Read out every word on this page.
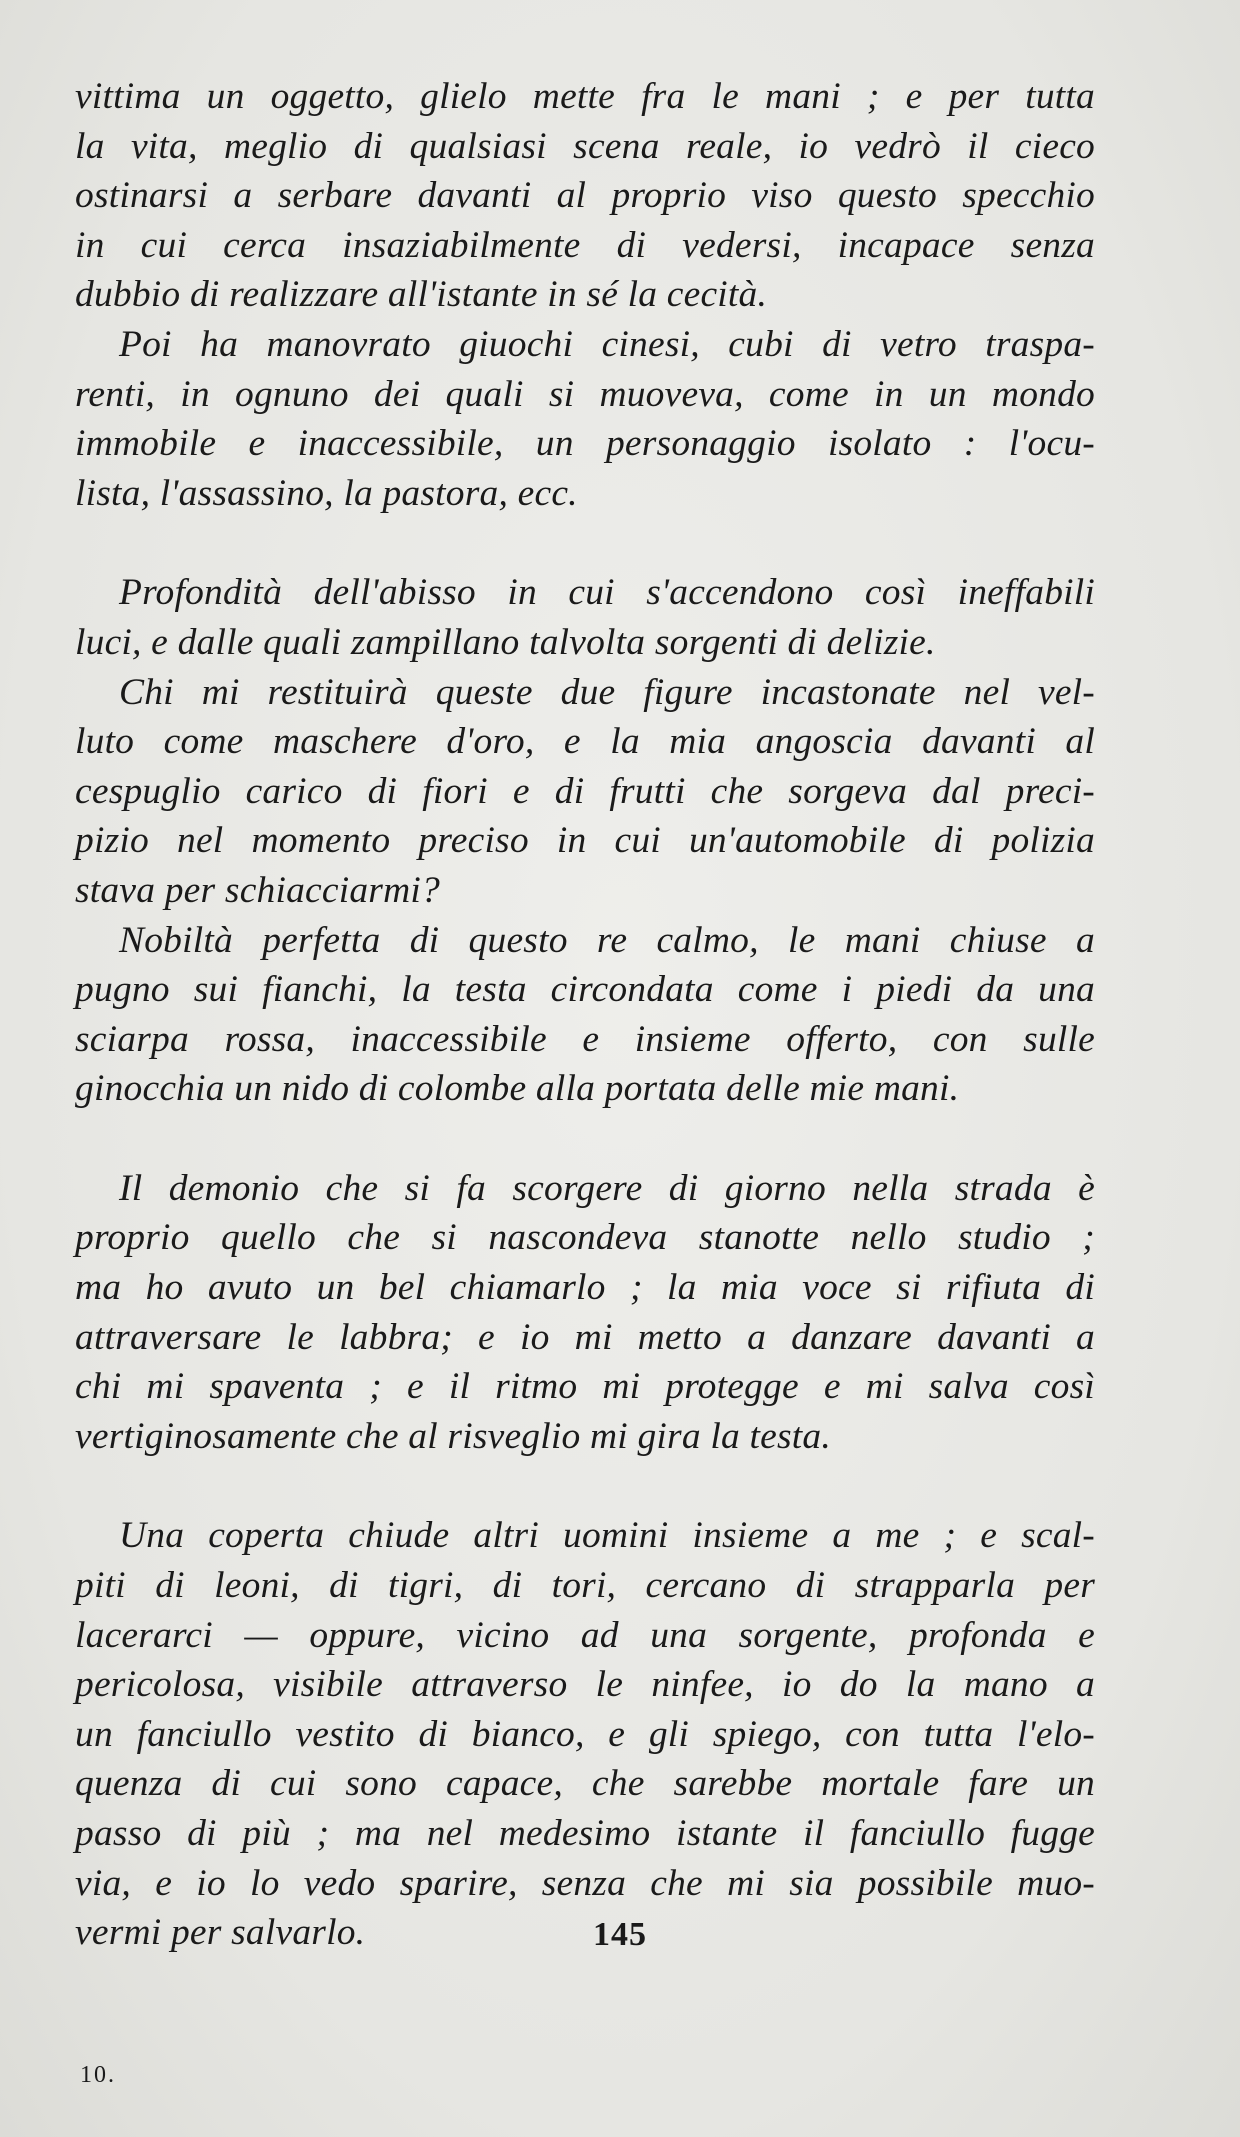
vittima un oggetto, glielo mette fra le mani ; e per tutta
la vita, meglio di qualsiasi scena reale, io vedrò il cieco
ostinarsi a serbare davanti al proprio viso questo specchio
in cui cerca insaziabilmente di vedersi, incapace senza
dubbio di realizzare all'istante in sé la cecità.
Poi ha manovrato giuochi cinesi, cubi di vetro traspa-
renti, in ognuno dei quali si muoveva, come in un mondo
immobile e inaccessibile, un personaggio isolato : l'ocu-
lista, l'assassino, la pastora, ecc.
Profondità dell'abisso in cui s'accendono così ineffabili
luci, e dalle quali zampillano talvolta sorgenti di delizie.
Chi mi restituirà queste due figure incastonate nel vel-
luto come maschere d'oro, e la mia angoscia davanti al
cespuglio carico di fiori e di frutti che sorgeva dal preci-
pizio nel momento preciso in cui un'automobile di polizia
stava per schiacciarmi?
Nobiltà perfetta di questo re calmo, le mani chiuse a
pugno sui fianchi, la testa circondata come i piedi da una
sciarpa rossa, inaccessibile e insieme offerto, con sulle
ginocchia un nido di colombe alla portata delle mie mani.
Il demonio che si fa scorgere di giorno nella strada è
proprio quello che si nascondeva stanotte nello studio ;
ma ho avuto un bel chiamarlo ; la mia voce si rifiuta di
attraversare le labbra; e io mi metto a danzare davanti a
chi mi spaventa ; e il ritmo mi protegge e mi salva così
vertiginosamente che al risveglio mi gira la testa.
Una coperta chiude altri uomini insieme a me ; e scal-
piti di leoni, di tigri, di tori, cercano di strapparla per
lacerarci — oppure, vicino ad una sorgente, profonda e
pericolosa, visibile attraverso le ninfee, io do la mano a
un fanciullo vestito di bianco, e gli spiego, con tutta l'elo-
quenza di cui sono capace, che sarebbe mortale fare un
passo di più ; ma nel medesimo istante il fanciullo fugge
via, e io lo vedo sparire, senza che mi sia possibile muo-
vermi per salvarlo.	145
10.
